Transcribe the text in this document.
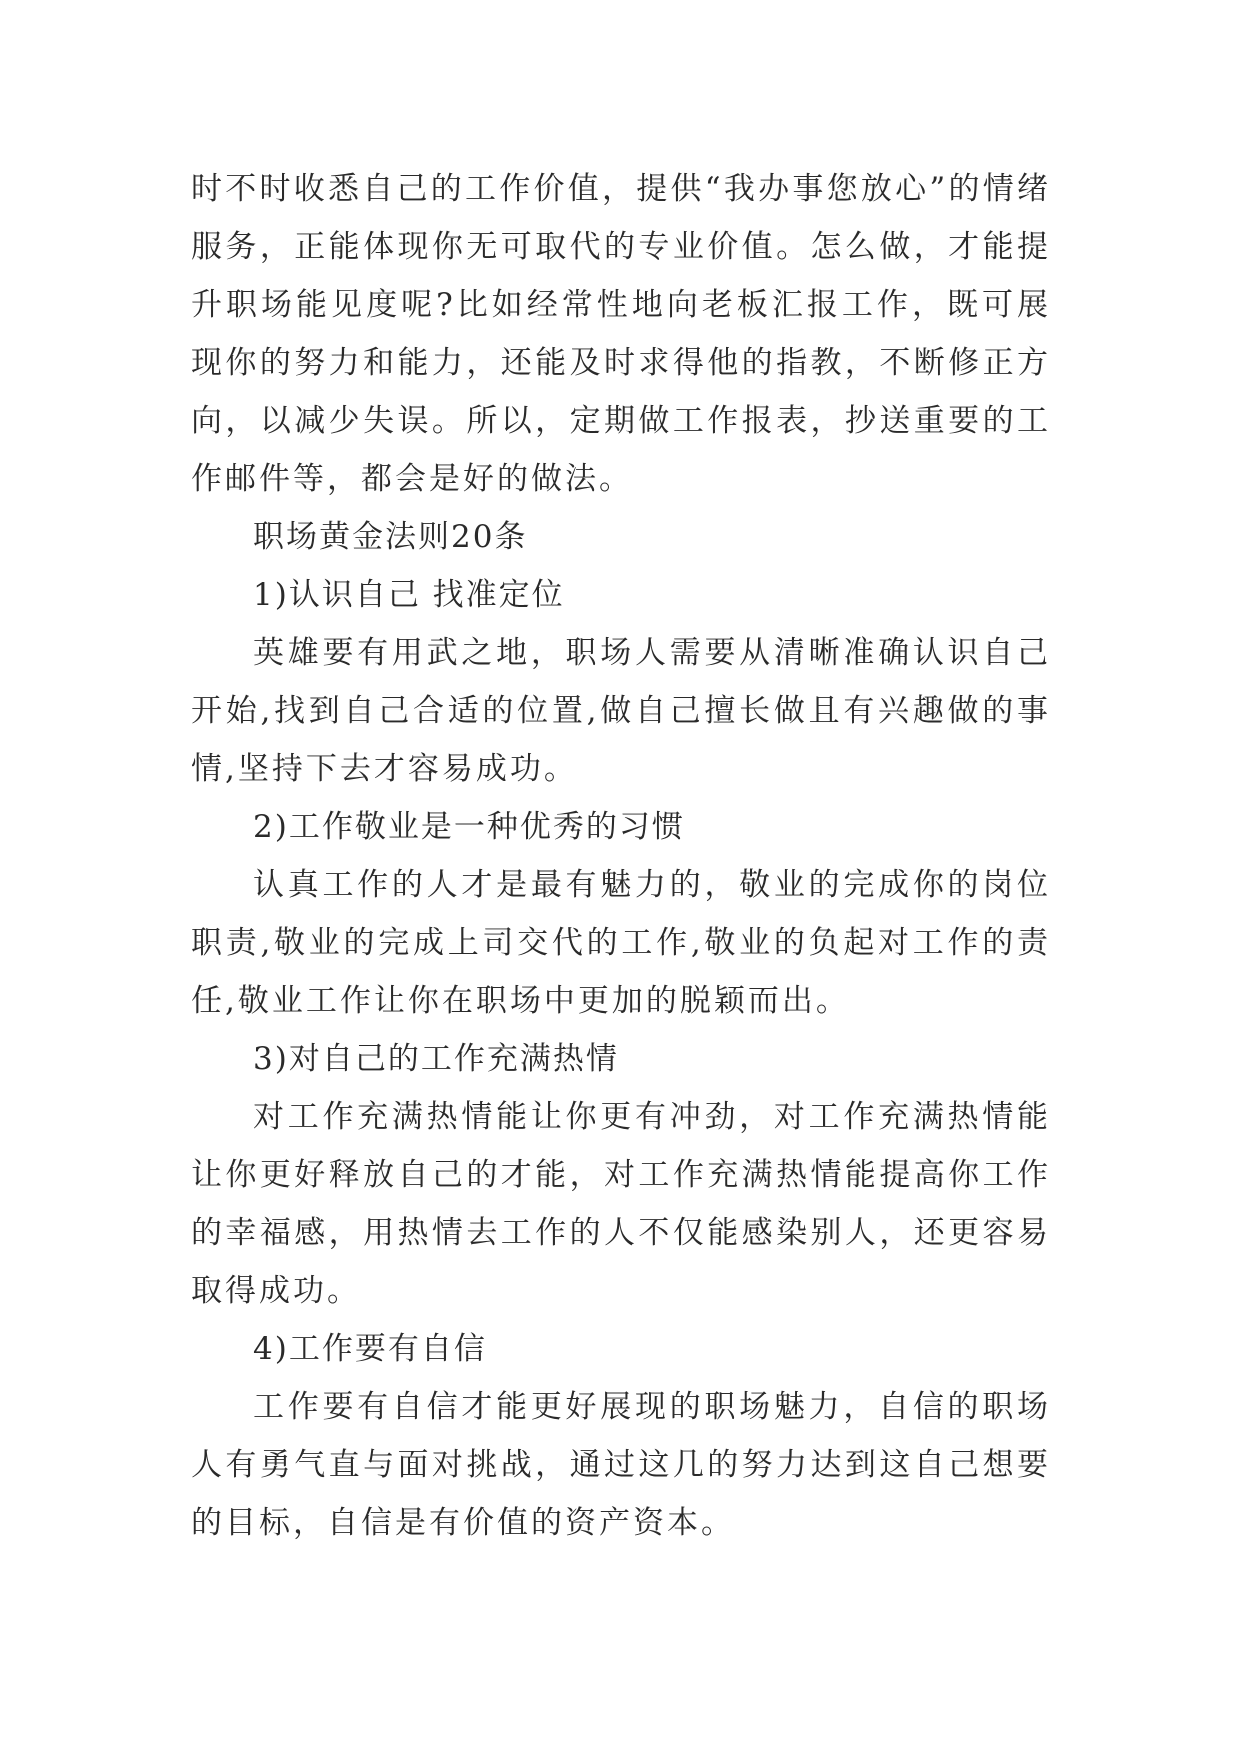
时不时收悉自己的工作价值，提供“我办事您放心”的情绪服务，正能体现你无可取代的专业价值。怎么做，才能提升职场能见度呢?比如经常性地向老板汇报工作，既可展现你的努力和能力，还能及时求得他的指教，不断修正方向，以减少失误。所以，定期做工作报表，抄送重要的工作邮件等，都会是好的做法。

职场黄金法则20条

1)认识自己 找准定位

英雄要有用武之地，职场人需要从清晰准确认识自己开始,找到自己合适的位置,做自己擅长做且有兴趣做的事情,坚持下去才容易成功。

2)工作敬业是一种优秀的习惯

认真工作的人才是最有魅力的，敬业的完成你的岗位职责,敬业的完成上司交代的工作,敬业的负起对工作的责任,敬业工作让你在职场中更加的脱颖而出。

3)对自己的工作充满热情

对工作充满热情能让你更有冲劲，对工作充满热情能让你更好释放自己的才能，对工作充满热情能提高你工作的幸福感，用热情去工作的人不仅能感染别人，还更容易取得成功。

4)工作要有自信

工作要有自信才能更好展现的职场魅力，自信的职场人有勇气直与面对挑战，通过这几的努力达到这自己想要的目标，自信是有价值的资产资本。
